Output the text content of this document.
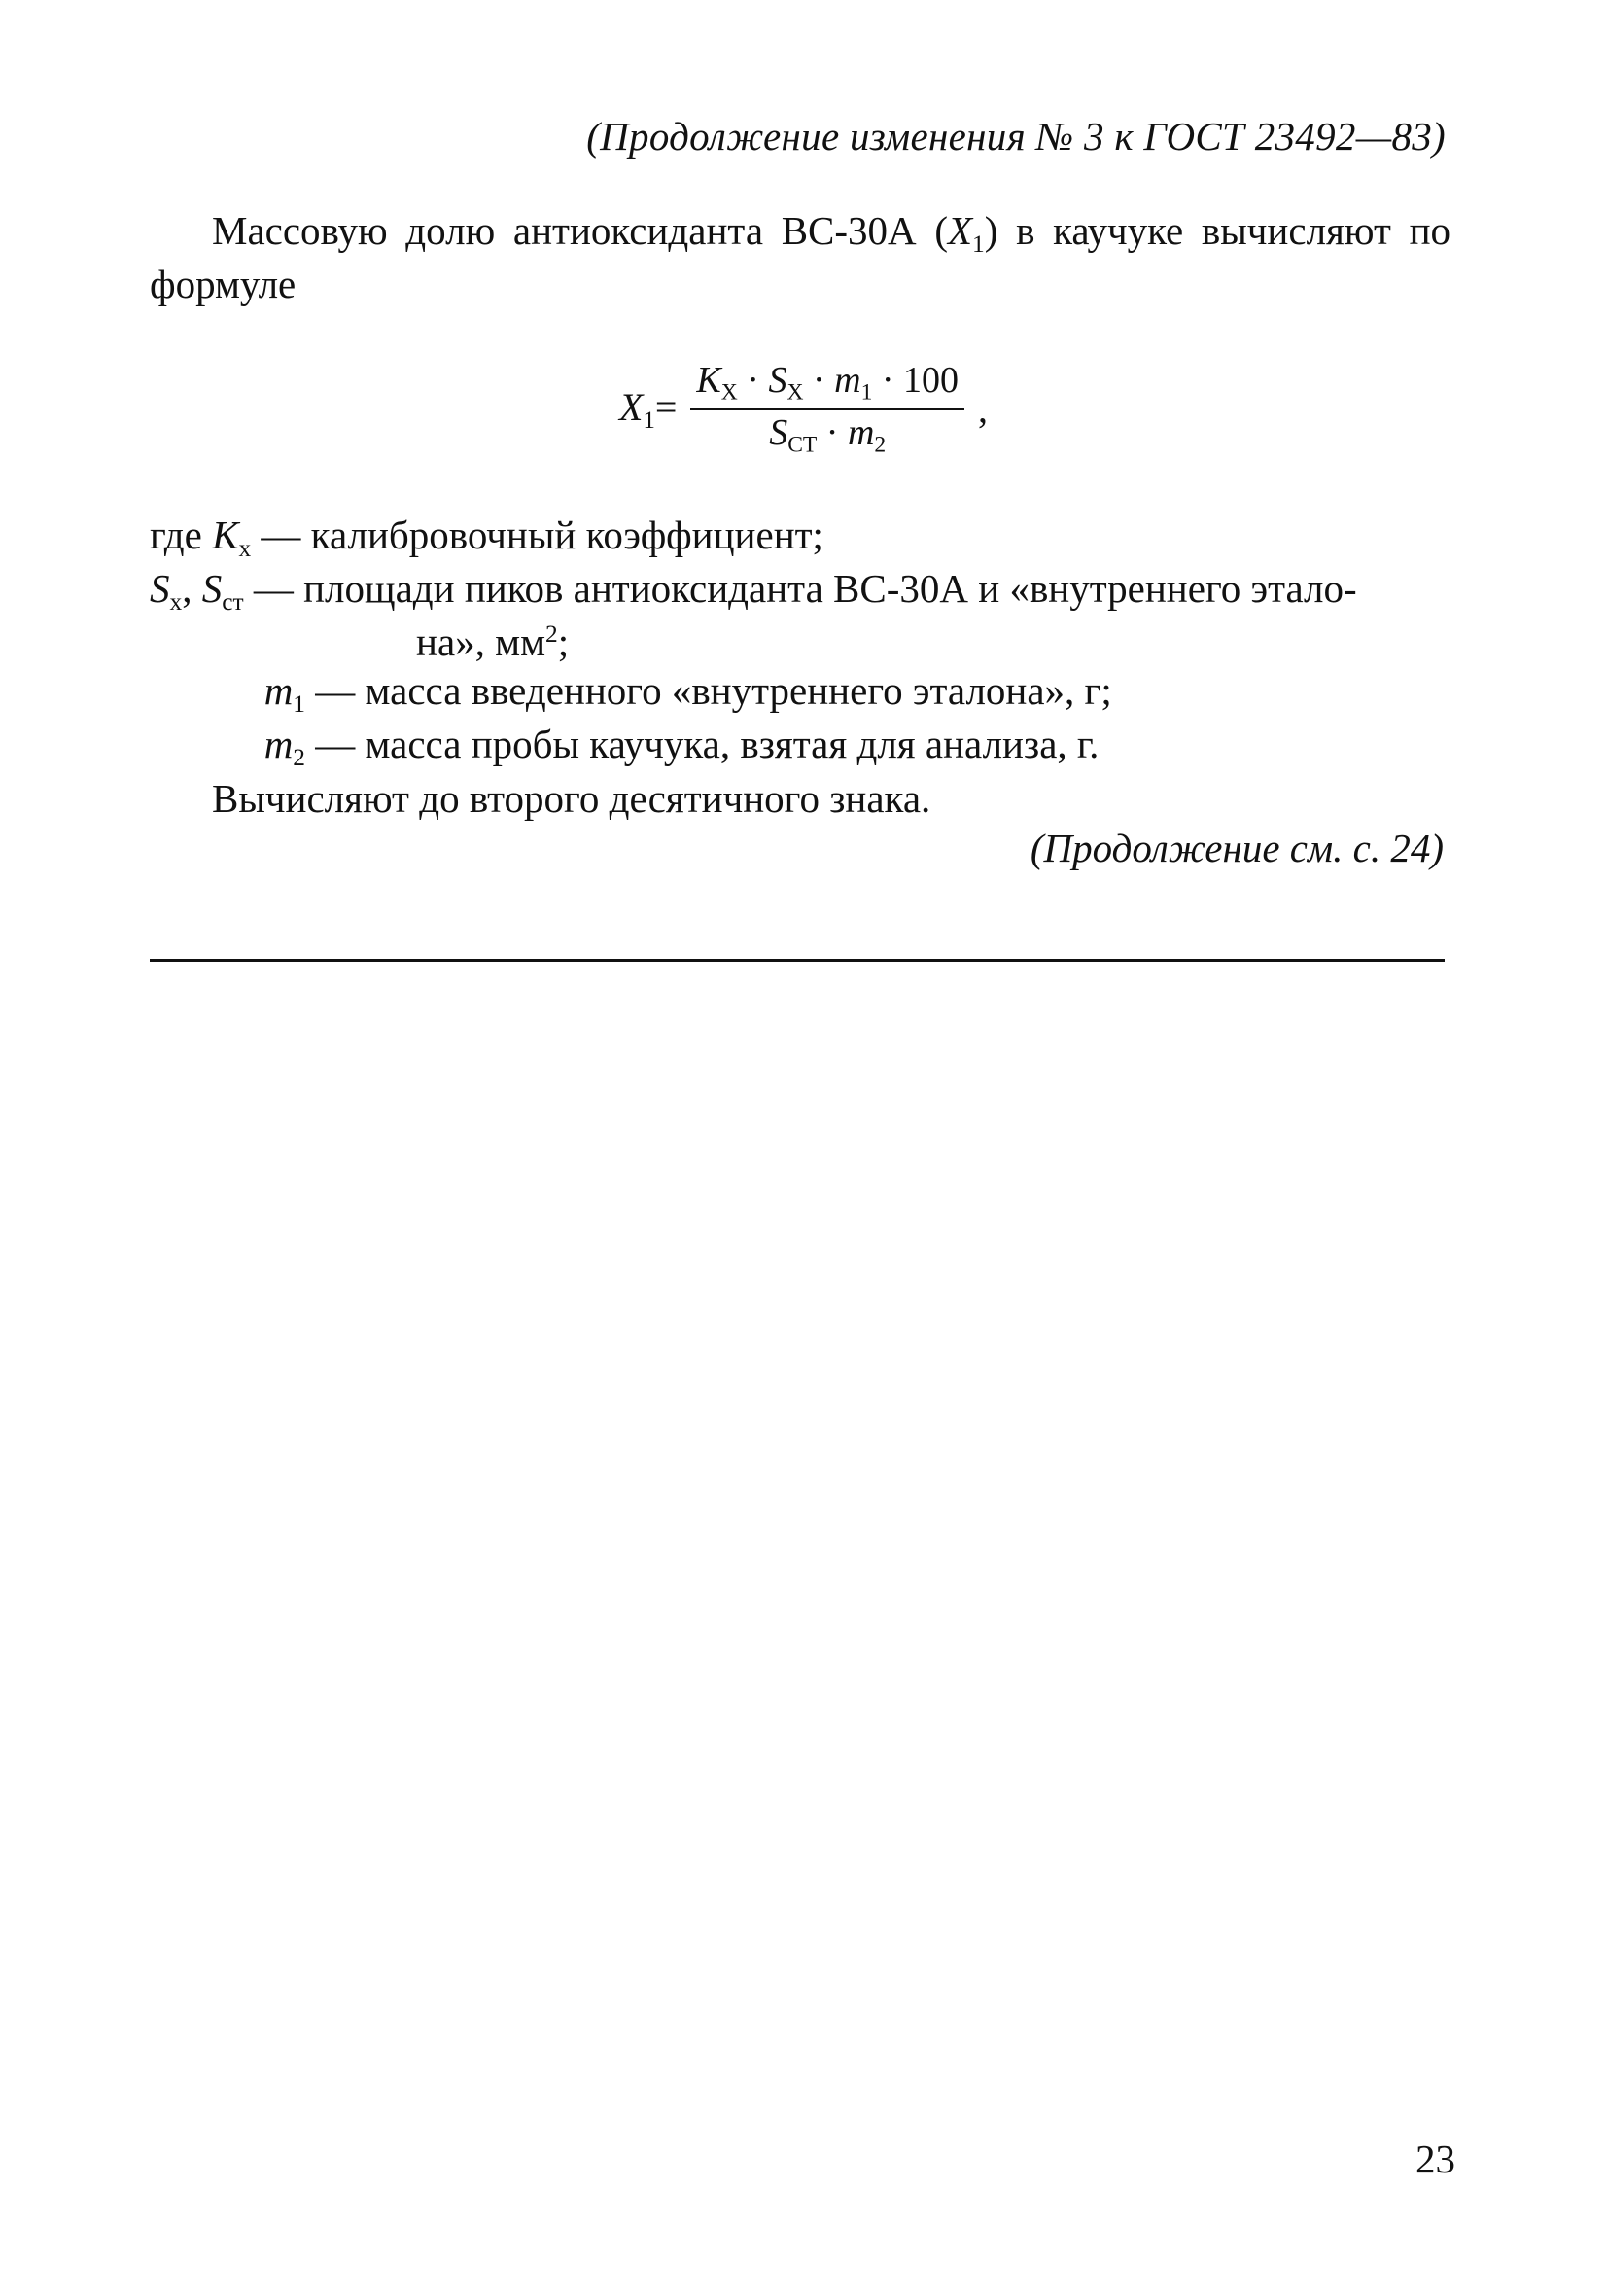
(Продолжение изменения № 3 к ГОСТ 23492—83)
Массовую долю антиоксиданта ВС-30А $(X_1)$ в каучуке вычисляют по формуле
$X_1= \frac{K_X \cdot S_X \cdot m_1 \cdot 100}{S_{CT} \cdot m_2}$ ,
где $K_x$ — калибровочный коэффициент;
$S_x$, $S_{ст}$ — площади пиков антиоксиданта ВС-30А и «внутреннего этало-
на», $мм^2$;
$m_1$ — масса введенного «внутреннего эталона», г;
$m_2$ — масса пробы каучука, взятая для анализа, г.
Вычисляют до второго десятичного знака.
(Продолжение см. с. 24)
23
